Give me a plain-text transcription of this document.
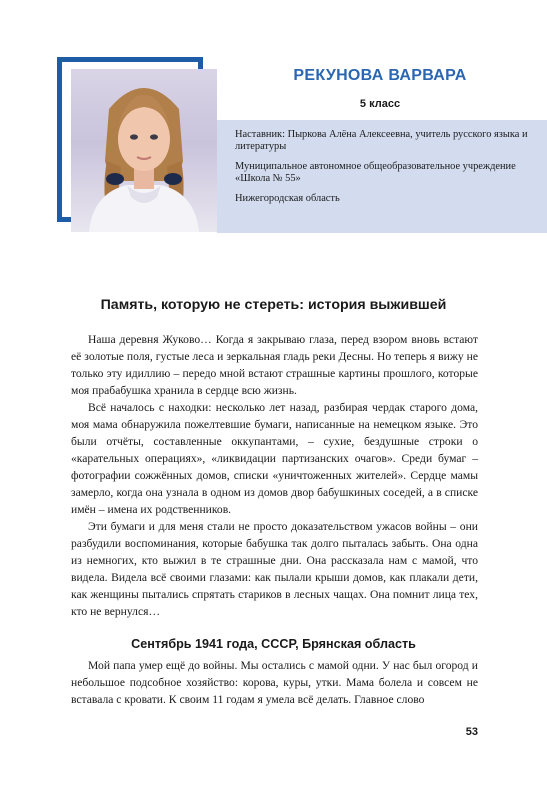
РЕКУНОВА ВАРВАРА
5 класс

Наставник: Пыркова Алёна Алексеевна, учитель русского языка и литературы

Муниципальное автономное общеобразовательное учреждение «Школа № 55»

Нижегородская область

Память, которую не стереть: история выжившей

Наша деревня Жуково… Когда я закрываю глаза, перед взором вновь встают её золотые поля, густые леса и зеркальная гладь реки Десны. Но теперь я вижу не только эту идиллию – передо мной встают страшные картины прошлого, которые моя прабабушка хранила в сердце всю жизнь.

Всё началось с находки: несколько лет назад, разбирая чердак старого дома, моя мама обнаружила пожелтевшие бумаги, написанные на немецком языке. Это были отчёты, составленные оккупантами, – сухие, бездушные строки о «карательных операциях», «ликвидации партизанских очагов». Среди бумаг – фотографии сожжённых домов, списки «уничтоженных жителей». Сердце мамы замерло, когда она узнала в одном из домов двор бабушкиных соседей, а в списке имён – имена их родственников.

Эти бумаги и для меня стали не просто доказательством ужасов войны – они разбудили воспоминания, которые бабушка так долго пыталась забыть. Она одна из немногих, кто выжил в те страшные дни. Она рассказала нам с мамой, что видела. Видела всё своими глазами: как пылали крыши домов, как плакали дети, как женщины пытались спрятать стариков в лесных чащах. Она помнит лица тех, кто не вернулся…

Сентябрь 1941 года, СССР, Брянская область

Мой папа умер ещё до войны. Мы остались с мамой одни. У нас был огород и небольшое подсобное хозяйство: корова, куры, утки. Мама болела и совсем не вставала с кровати. К своим 11 годам я умела всё делать. Главное слово

53
